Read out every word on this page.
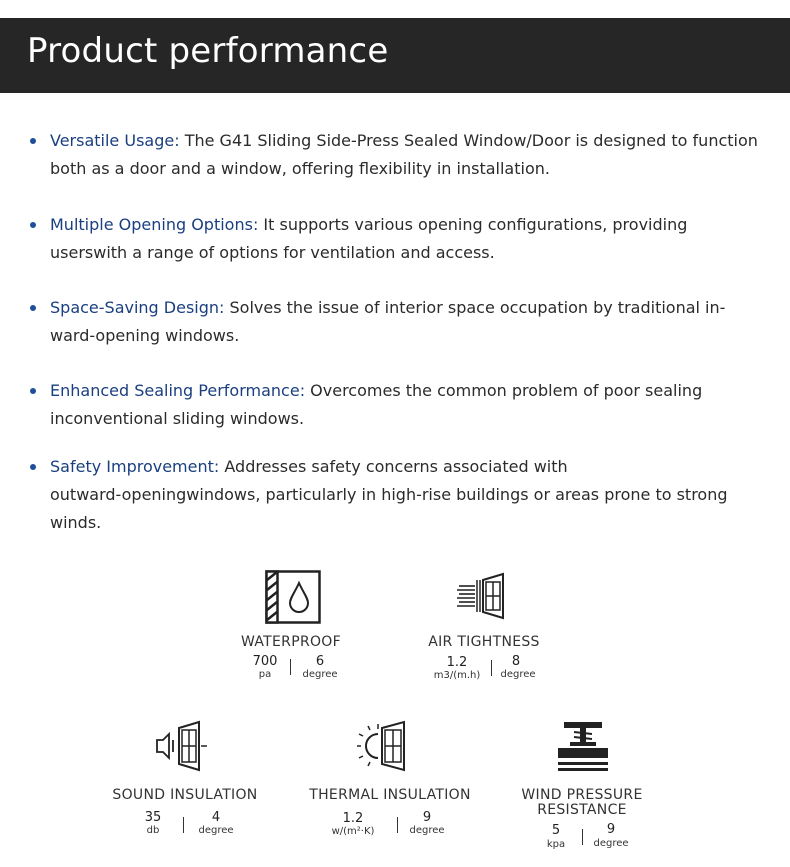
Product performance
Versatile Usage: The G41 Sliding Side-Press Sealed Window/Door is designed to function
both as a door and a window, offering flexibility in installation.
Multiple Opening Options: It supports various opening configurations, providing
userswith a range of options for ventilation and access.
Space-Saving Design: Solves the issue of interior space occupation by traditional in-
ward-opening windows.
Enhanced Sealing Performance: Overcomes the common problem of poor sealing
inconventional sliding windows.
Safety Improvement: Addresses safety concerns associated with
outward-openingwindows, particularly in high-rise buildings or areas prone to strong
winds.
WATERPROOF
700
pa
6
degree
AIR TIGHTNESS
1.2
m3/(m.h)
8
degree
SOUND INSULATION
35
db
4
degree
THERMAL INSULATION
1.2
w/(m²·K)
9
degree
WIND PRESSURE
RESISTANCE
5
kpa
9
degree
